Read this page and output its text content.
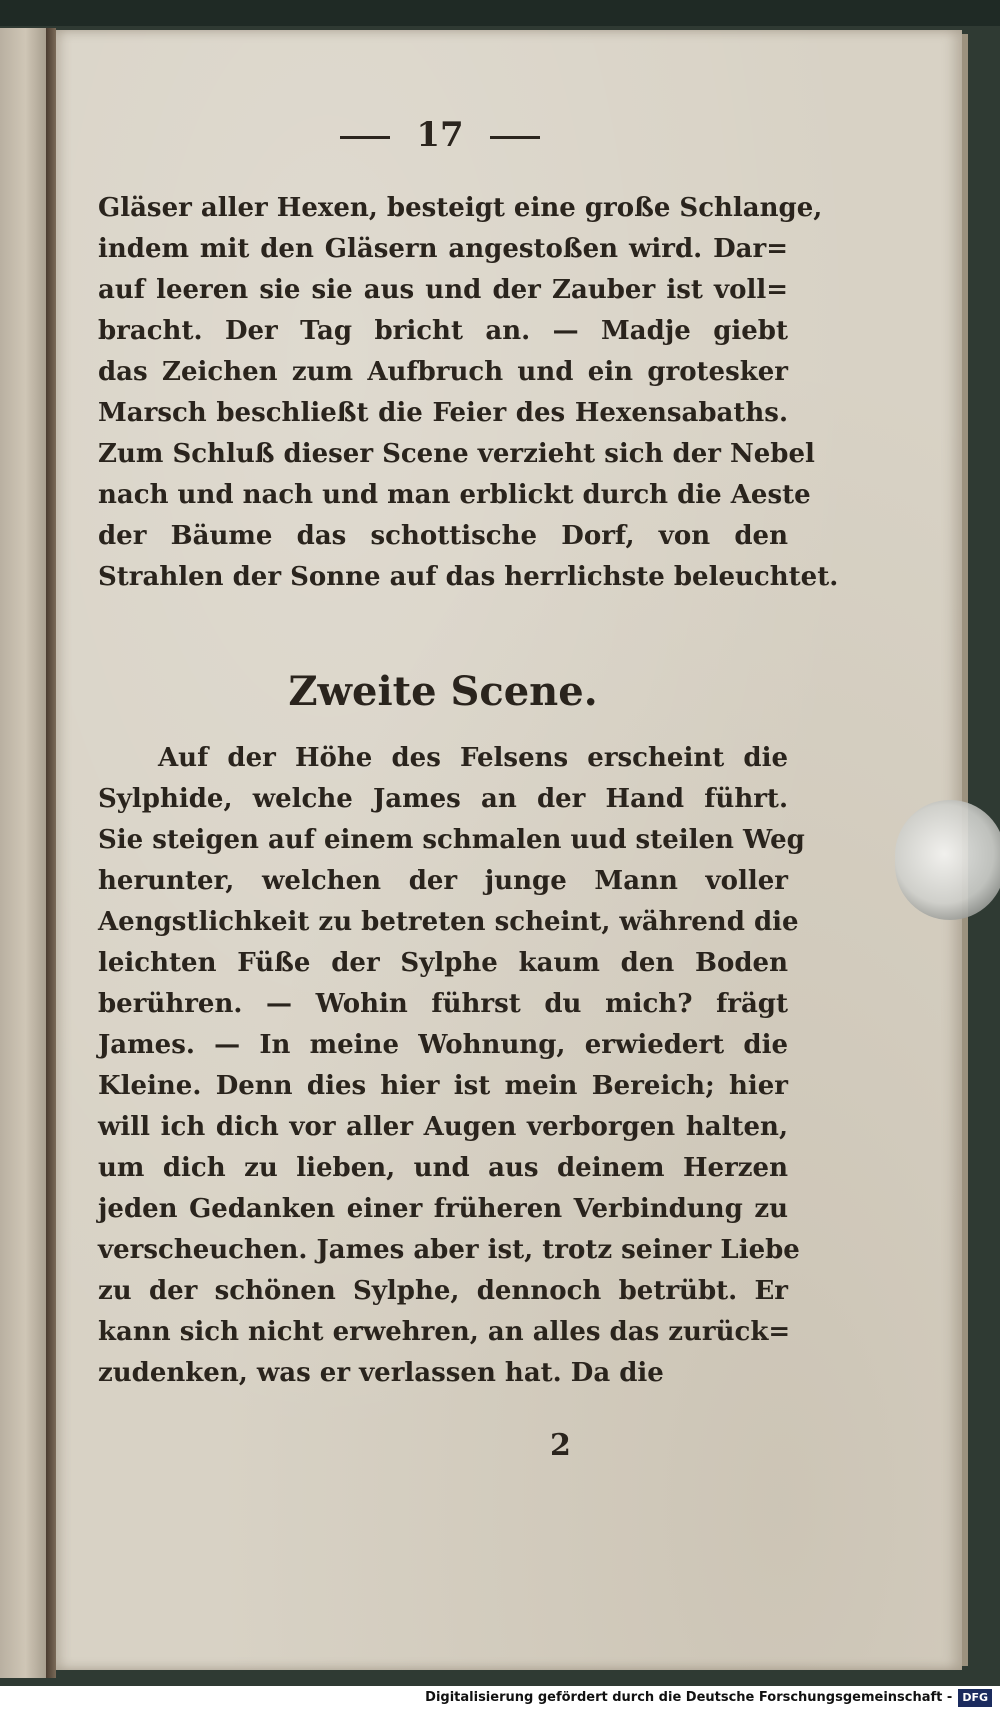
17
Gläser aller Hexen, besteigt eine große Schlange,
indem mit den Gläsern angestoßen wird. Dar=
auf leeren sie sie aus und der Zauber ist voll=
bracht. Der Tag bricht an. — Madje giebt
das Zeichen zum Aufbruch und ein grotesker
Marsch beschließt die Feier des Hexensabaths.
Zum Schluß dieser Scene verzieht sich der Nebel
nach und nach und man erblickt durch die Aeste
der Bäume das schottische Dorf, von den
Strahlen der Sonne auf das herrlichste beleuchtet.
Zweite Scene.
Auf der Höhe des Felsens erscheint die
Sylphide, welche James an der Hand führt.
Sie steigen auf einem schmalen uud steilen Weg
herunter, welchen der junge Mann voller
Aengstlichkeit zu betreten scheint, während die
leichten Füße der Sylphe kaum den Boden
berühren. — Wohin führst du mich? frägt
James. — In meine Wohnung, erwiedert die
Kleine. Denn dies hier ist mein Bereich; hier
will ich dich vor aller Augen verborgen halten,
um dich zu lieben, und aus deinem Herzen
jeden Gedanken einer früheren Verbindung zu
verscheuchen. James aber ist, trotz seiner Liebe
zu der schönen Sylphe, dennoch betrübt. Er
kann sich nicht erwehren, an alles das zurück=
zudenken, was er verlassen hat. Da die
2
Digitalisierung gefördert durch die Deutsche Forschungsgemeinschaft - DFG
